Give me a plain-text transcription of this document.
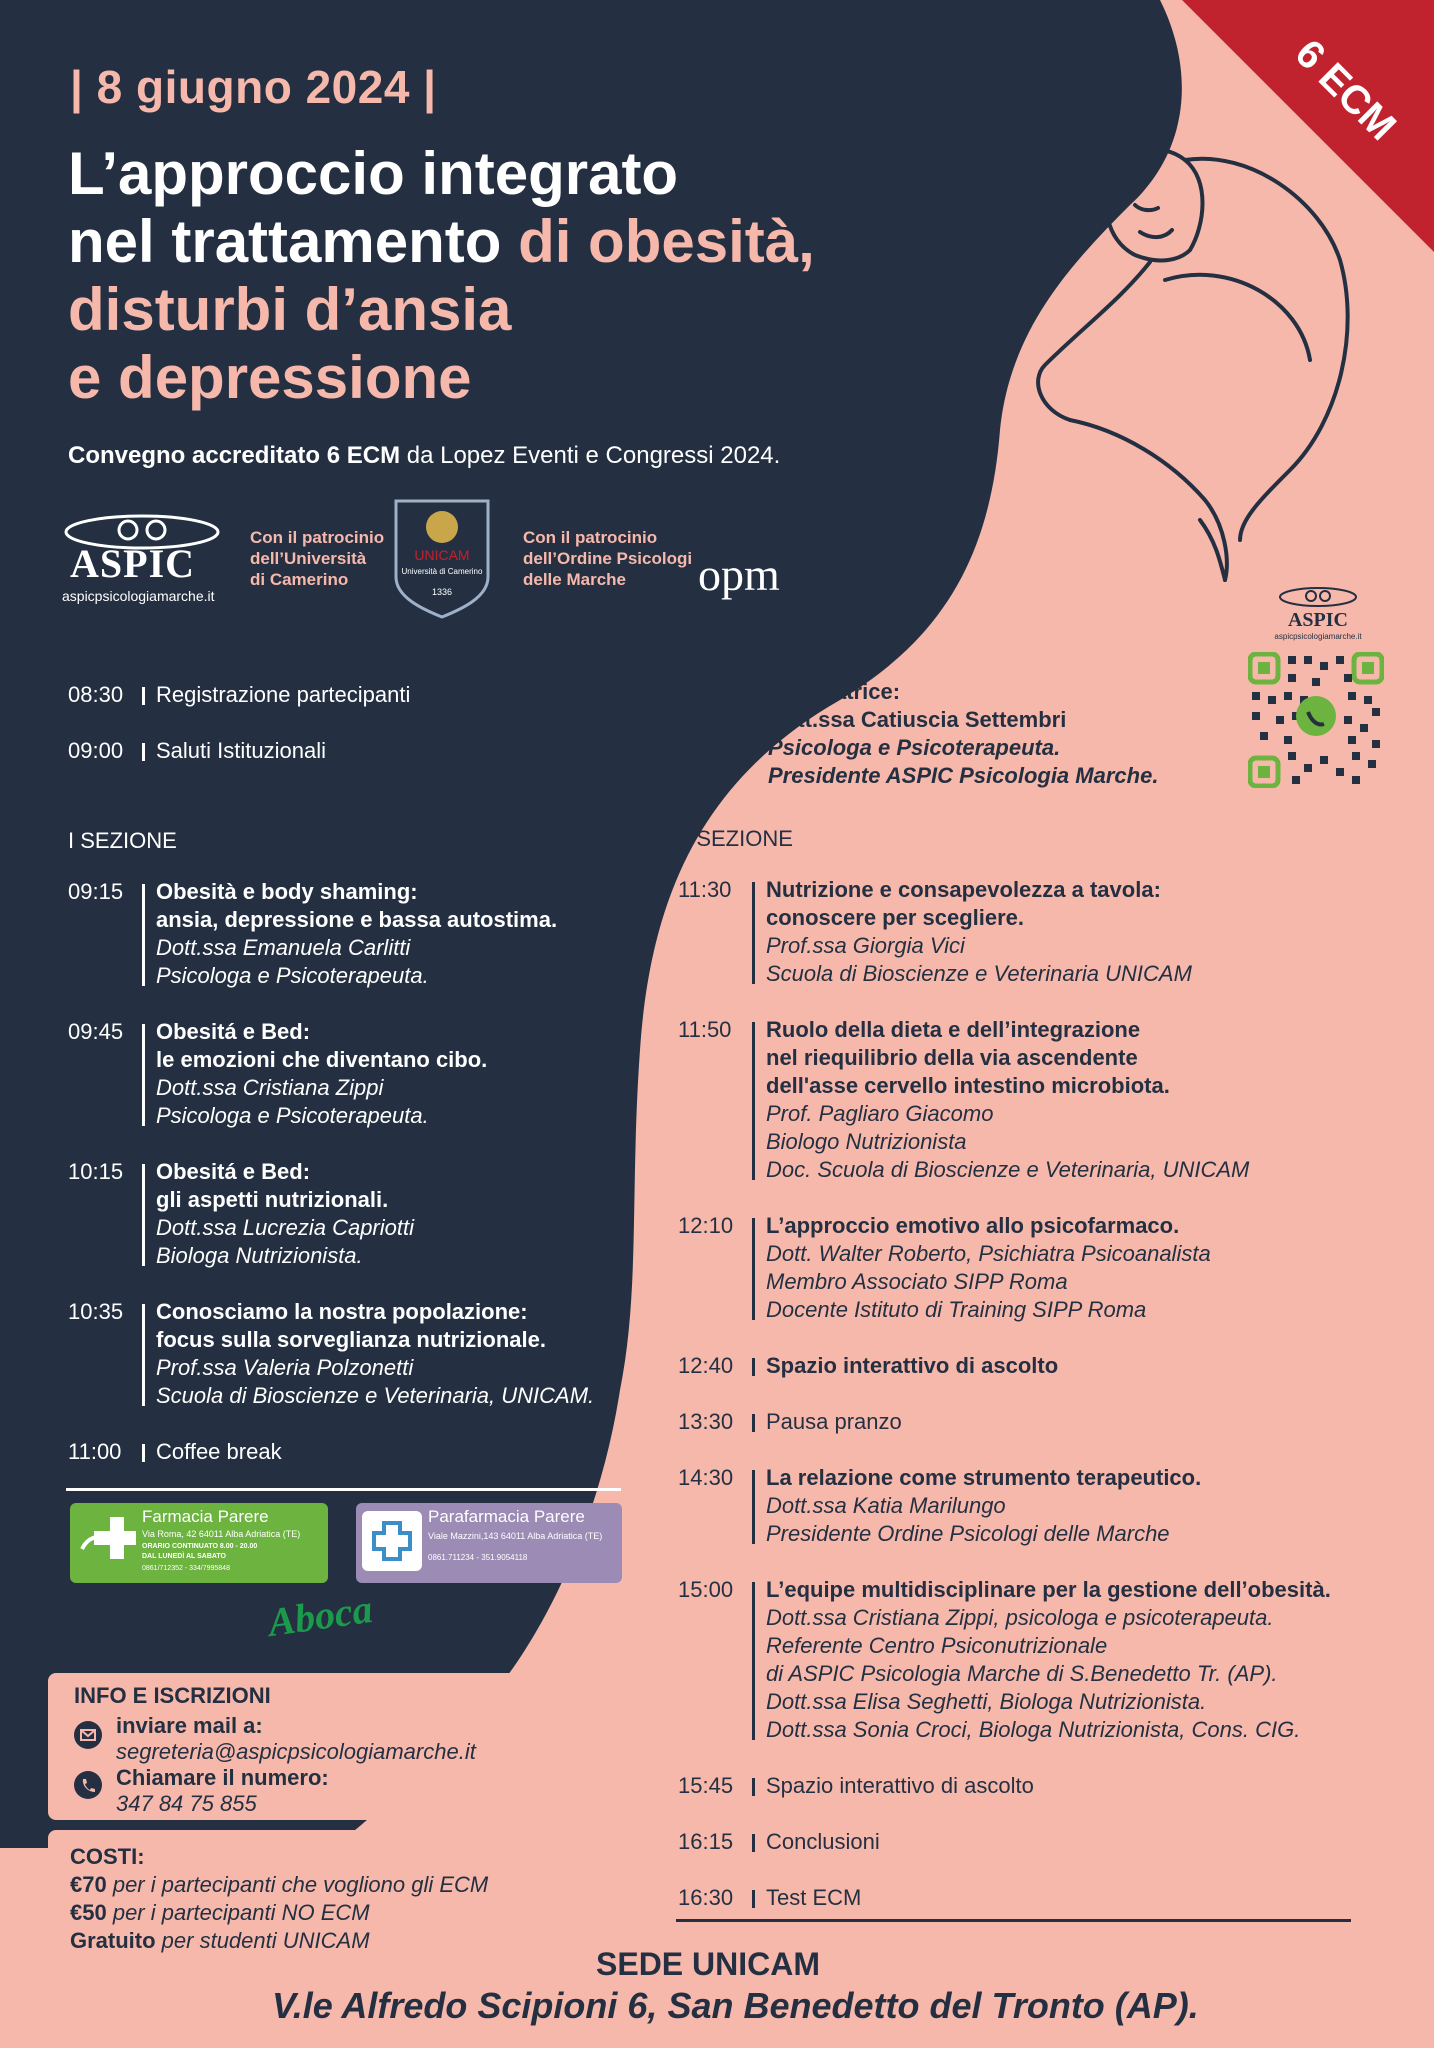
6 ECM
| 8 giugno 2024 |
L’approccio integrato
nel trattamento di obesità,
disturbi d’ansia
e depressione
Convegno accreditato 6 ECM da Lopez Eventi e Congressi 2024.
ASPIC
aspicpsicologiamarche.it
Con il patrocinio
dell’Università
di Camerino
UNICAM
Università di Camerino
1336
Con il patrocinio
dell’Ordine Psicologi
delle Marche	opm
Ordine Psicologi
Marche	ASPIC
aspicpsicologiamarche.it
Moderatrice:
Dott.ssa Catiuscia Settembri
Psicologa e Psicoterapeuta.
Presidente ASPIC Psicologia Marche.
I SEZIONE	II SEZIONE
08:30	Registrazione partecipanti
09:00	Saluti Istituzionali
09:15	Obesità e body shaming:
ansia, depressione e bassa autostima.
Dott.ssa Emanuela Carlitti
Psicologa e Psicoterapeuta.
09:45	Obesitá e Bed:
le emozioni che diventano cibo.
Dott.ssa Cristiana Zippi
Psicologa e Psicoterapeuta.
10:15	Obesitá e Bed:
gli aspetti nutrizionali.
Dott.ssa Lucrezia Capriotti
Biologa Nutrizionista.
10:35	Conosciamo la nostra popolazione:
focus sulla sorveglianza nutrizionale.
Prof.ssa Valeria Polzonetti
Scuola di Bioscienze e Veterinaria, UNICAM.
11:00	Coffee break
11:30	Nutrizione e consapevolezza a tavola:
conoscere per scegliere.
Prof.ssa Giorgia Vici
Scuola di Bioscienze e Veterinaria UNICAM
11:50	Ruolo della dieta e dell’integrazione
nel riequilibrio della via ascendente
dell'asse cervello intestino microbiota.
Prof. Pagliaro Giacomo
Biologo Nutrizionista
Doc. Scuola di Bioscienze e Veterinaria, UNICAM
12:10	L’approccio emotivo allo psicofarmaco.
Dott. Walter Roberto, Psichiatra Psicoanalista
Membro Associato SIPP Roma
Docente Istituto di Training SIPP Roma
12:40	Spazio interattivo di ascolto
13:30	Pausa pranzo
14:30	La relazione come strumento terapeutico.
Dott.ssa Katia Marilungo
Presidente Ordine Psicologi delle Marche
15:00	L’equipe multidisciplinare per la gestione dell’obesità.
Dott.ssa Cristiana Zippi, psicologa e psicoterapeuta.
Referente Centro Psiconutrizionale
di ASPIC Psicologia Marche di S.Benedetto Tr. (AP).
Dott.ssa Elisa Seghetti, Biologa Nutrizionista.
Dott.ssa Sonia Croci, Biologa Nutrizionista, Cons. CIG.
15:45	Spazio interattivo di ascolto
16:15	Conclusioni
16:30	Test ECM
Farmacia Parere
Via Roma, 42 64011 Alba Adriatica (TE)
ORARIO CONTINUATO 8.00 - 20.00
DAL LUNEDÌ AL SABATO
0861/712352 - 334/7995848
Parafarmacia Parere
Viale Mazzini,143 64011 Alba Adriatica (TE)
0861.711234 - 351.9054118
Aboca
INFO E ISCRIZIONI
inviare mail a:
segreteria@aspicpsicologiamarche.it
Chiamare il numero:
347 84 75 855
COSTI:
€70 per i partecipanti che vogliono gli ECM
€50 per i partecipanti NO ECM
Gratuito per studenti UNICAM
SEDE UNICAM
V.le Alfredo Scipioni 6, San Benedetto del Tronto (AP).
